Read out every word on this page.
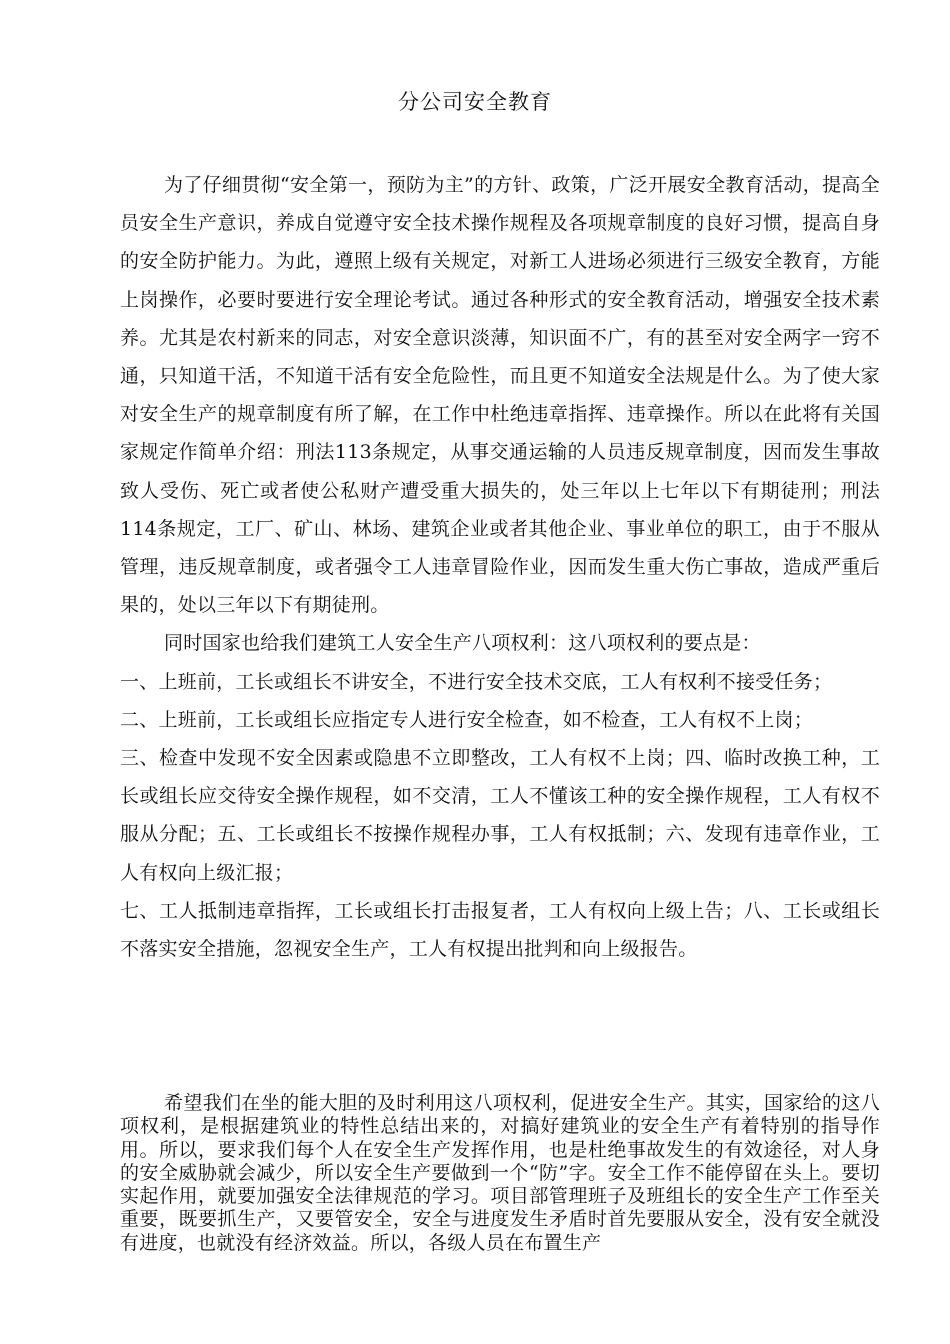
分公司安全教育

为了仔细贯彻“安全第一，预防为主”的方针、政策，广泛开展安全教育活动，提高全员安全生产意识，养成自觉遵守安全技术操作规程及各项规章制度的良好习惯，提高自身的安全防护能力。为此，遵照上级有关规定，对新工人进场必须进行三级安全教育，方能上岗操作，必要时要进行安全理论考试。通过各种形式的安全教育活动，增强安全技术素养。尤其是农村新来的同志，对安全意识淡薄，知识面不广，有的甚至对安全两字一窍不通，只知道干活，不知道干活有安全危险性，而且更不知道安全法规是什么。为了使大家对安全生产的规章制度有所了解，在工作中杜绝违章指挥、违章操作。所以在此将有关国家规定作简单介绍：刑法113条规定，从事交通运输的人员违反规章制度，因而发生事故致人受伤、死亡或者使公私财产遭受重大损失的，处三年以上七年以下有期徒刑；刑法114条规定，工厂、矿山、林场、建筑企业或者其他企业、事业单位的职工，由于不服从管理，违反规章制度，或者强令工人违章冒险作业，因而发生重大伤亡事故，造成严重后果的，处以三年以下有期徒刑。

同时国家也给我们建筑工人安全生产八项权利：这八项权利的要点是：

一、上班前，工长或组长不讲安全，不进行安全技术交底，工人有权利不接受任务；

二、上班前，工长或组长应指定专人进行安全检查，如不检查，工人有权不上岗；

三、检查中发现不安全因素或隐患不立即整改，工人有权不上岗；四、临时改换工种，工长或组长应交待安全操作规程，如不交清，工人不懂该工种的安全操作规程，工人有权不服从分配；五、工长或组长不按操作规程办事，工人有权抵制；六、发现有违章作业，工人有权向上级汇报；

七、工人抵制违章指挥，工长或组长打击报复者，工人有权向上级上告；八、工长或组长不落实安全措施，忽视安全生产，工人有权提出批判和向上级报告。

希望我们在坐的能大胆的及时利用这八项权利，促进安全生产。其实，国家给的这八项权利，是根据建筑业的特性总结出来的，对搞好建筑业的安全生产有着特别的指导作用。所以，要求我们每个人在安全生产发挥作用，也是杜绝事故发生的有效途径，对人身的安全威胁就会减少，所以安全生产要做到一个“防”字。安全工作不能停留在头上。要切实起作用，就要加强安全法律规范的学习。项目部管理班子及班组长的安全生产工作至关重要，既要抓生产，又要管安全，安全与进度发生矛盾时首先要服从安全，没有安全就没有进度，也就没有经济效益。所以，各级人员在布置生产
